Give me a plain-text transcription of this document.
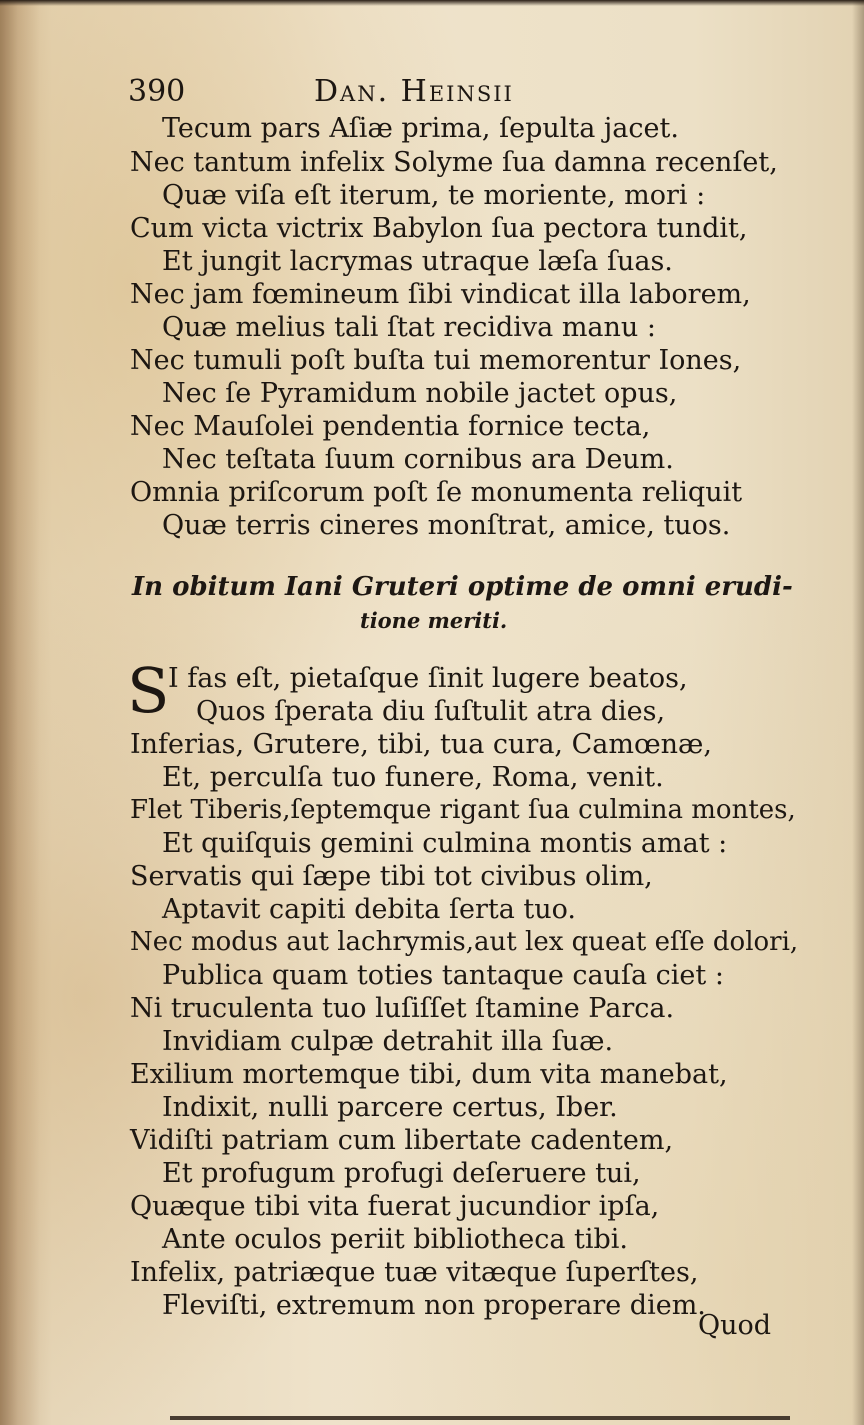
390	Dan. Heinsii
Tecum pars Aſiæ prima, ſepulta jacet.
Nec tantum infelix Solyme ſua damna recenſet,
Quæ viſa eſt iterum, te moriente, mori :
Cum victa victrix Babylon ſua pectora tundit,
Et jungit lacrymas utraque læſa ſuas.
Nec jam fœmineum ſibi vindicat illa laborem,
Quæ melius tali ſtat recidiva manu :
Nec tumuli poſt buſta tui memorentur Iones,
Nec ſe Pyramidum nobile jactet opus,
Nec Mauſolei pendentia fornice tecta,
Nec teſtata ſuum cornibus ara Deum.
Omnia priſcorum poſt ſe monumenta reliquit
Quæ terris cineres monſtrat, amice, tuos.
In obitum Iani Gruteri optime de omni erudi-
tione meriti.
S
I fas eſt, pietaſque ſinit lugere beatos,
Quos ſperata diu ſuſtulit atra dies,
Inferias, Grutere, tibi, tua cura, Camœnæ,
Et, perculſa tuo funere, Roma, venit.
Flet Tiberis,ſeptemque rigant ſua culmina montes,
Et quiſquis gemini culmina montis amat :
Servatis qui ſæpe tibi tot civibus olim,
Aptavit capiti debita ſerta tuo.
Nec modus aut lachrymis,aut lex queat eſſe dolori,
Publica quam toties tantaque cauſa ciet :
Ni truculenta tuo luſiſſet ſtamine Parca.
Invidiam culpæ detrahit illa ſuæ.
Exilium mortemque tibi, dum vita manebat,
Indixit, nulli parcere certus, Iber.
Vidiſti patriam cum libertate cadentem,
Et profugum profugi deſeruere tui,
Quæque tibi vita fuerat jucundior ipſa,
Ante oculos periit bibliotheca tibi.
Infelix, patriæque tuæ vitæque ſuperſtes,
Fleviſti, extremum non properare diem.
Quod
